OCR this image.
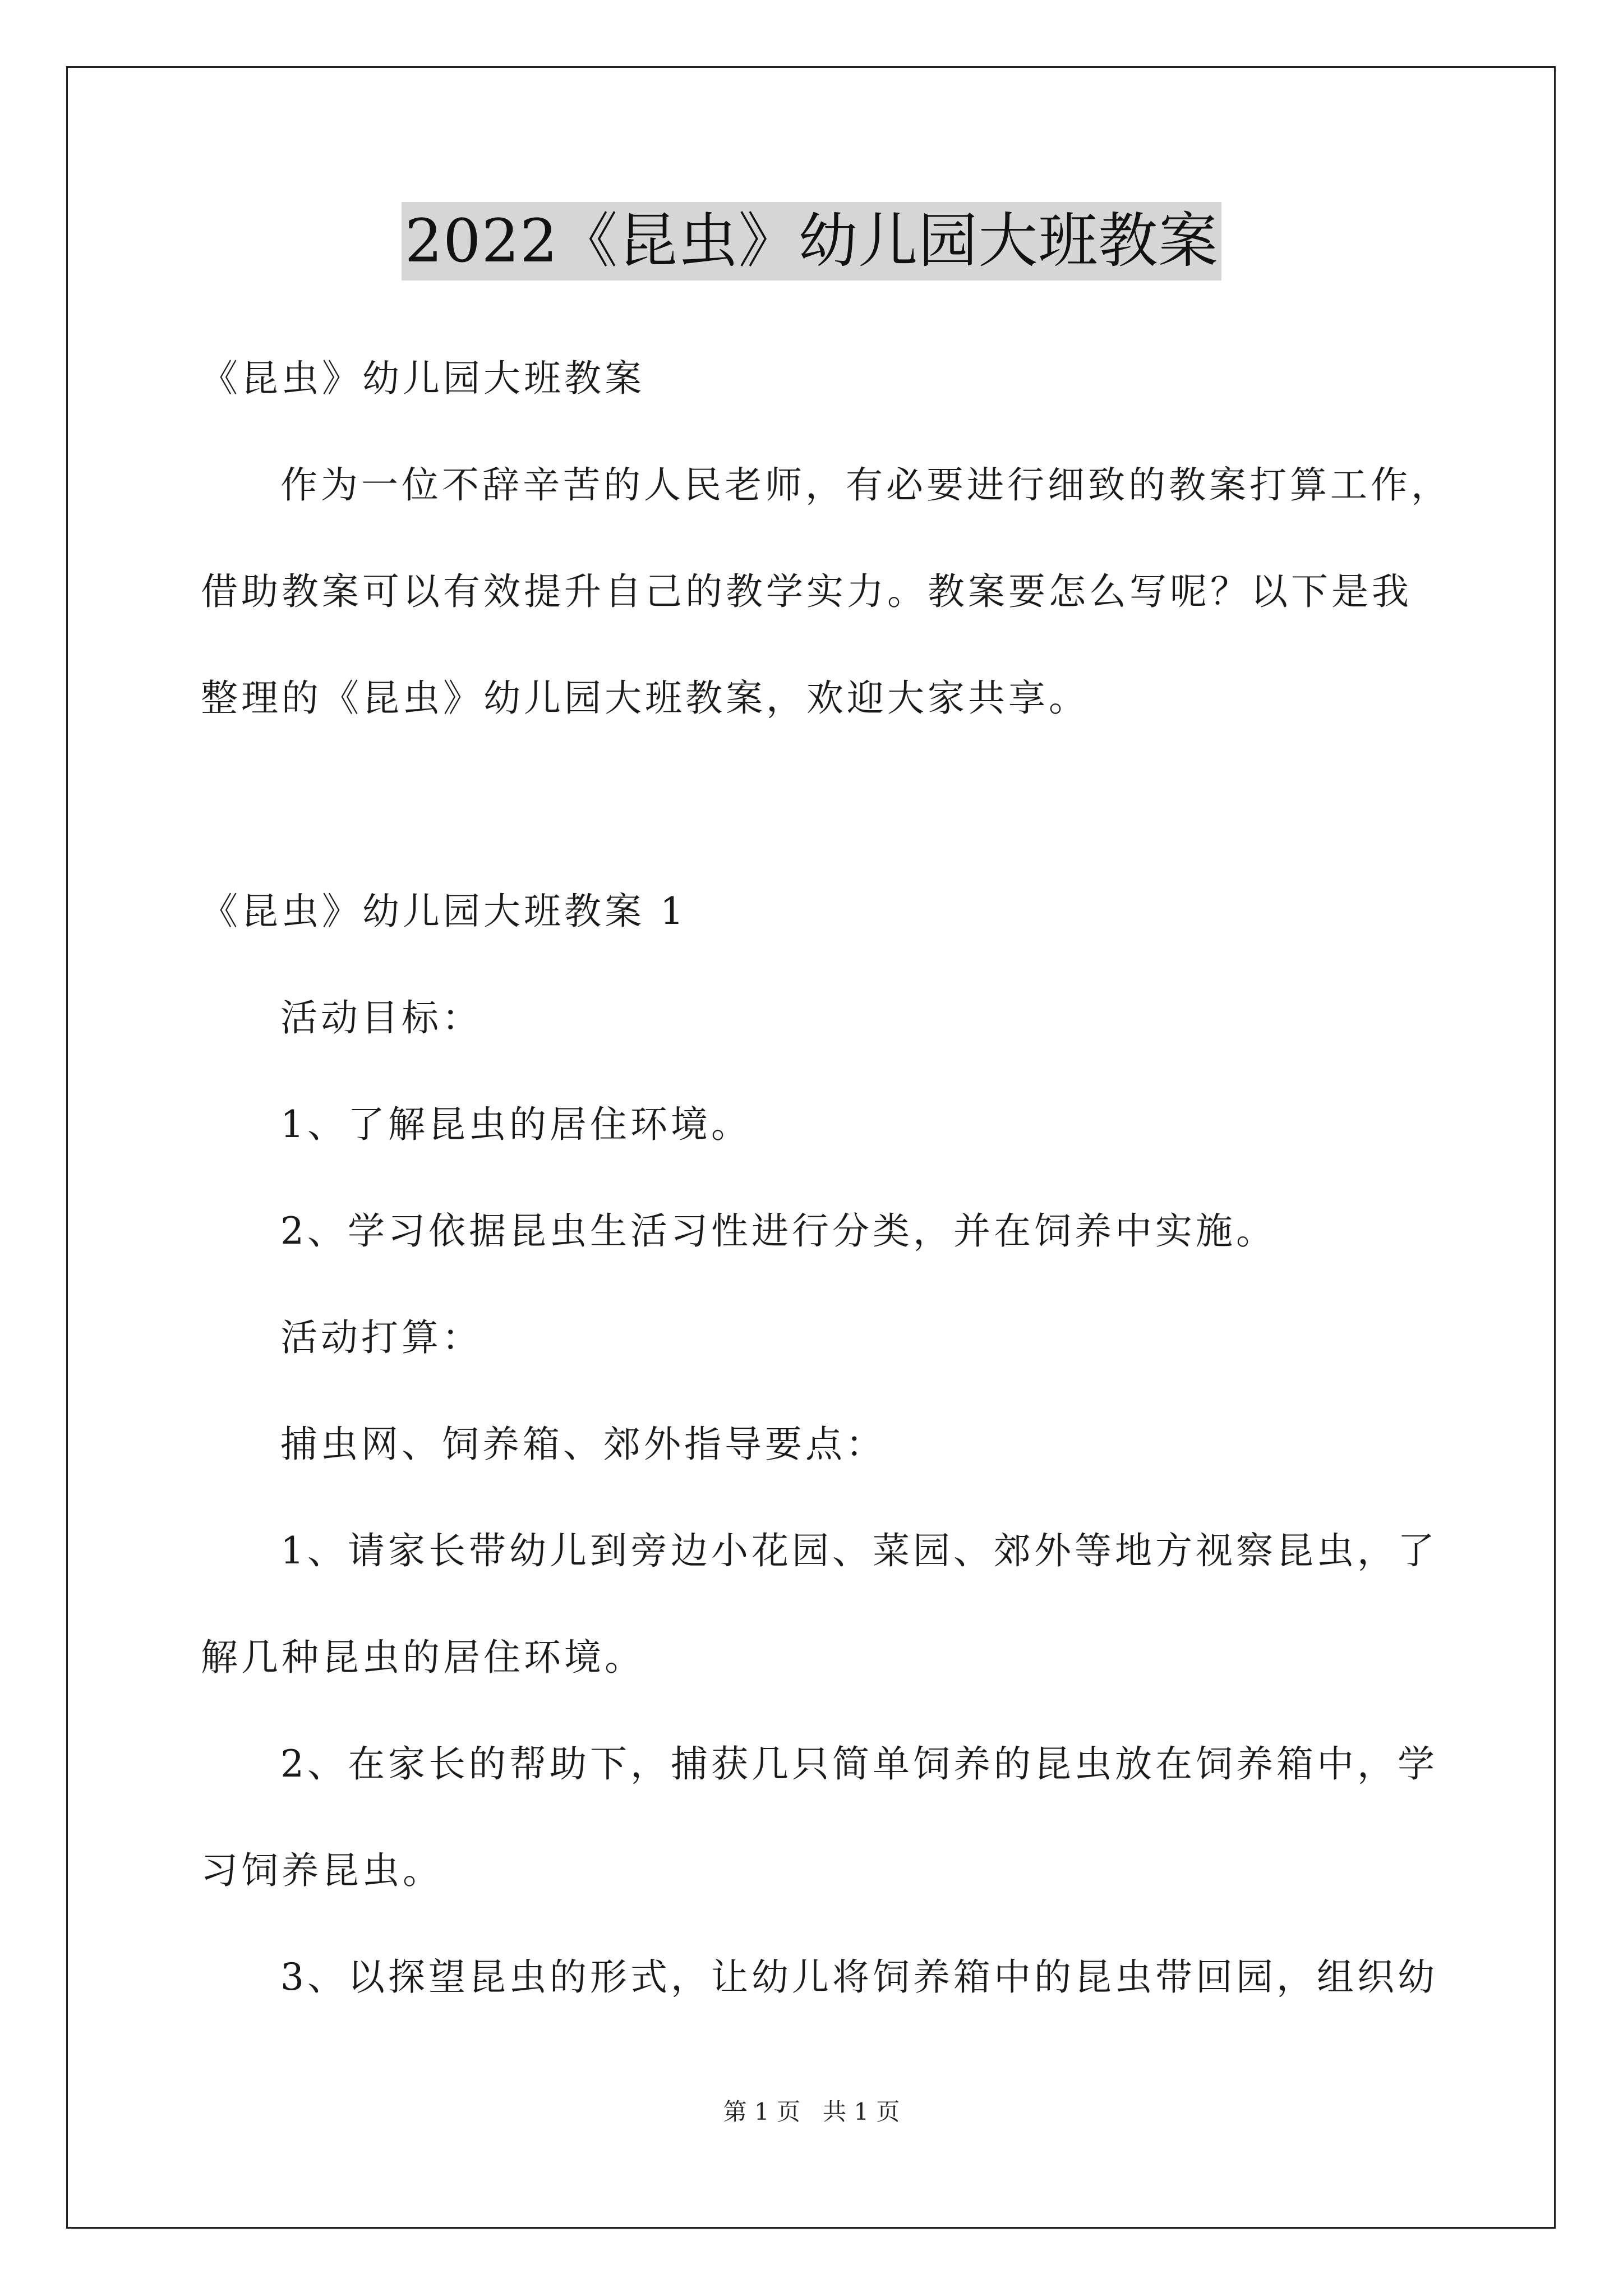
2022《昆虫》幼儿园大班教案
《昆虫》幼儿园大班教案
作为一位不辞辛苦的人民老师，有必要进行细致的教案打算工作，
借助教案可以有效提升自己的教学实力。教案要怎么写呢？以下是我
整理的《昆虫》幼儿园大班教案，欢迎大家共享。
《昆虫》幼儿园大班教案 1
活动目标：
1、了解昆虫的居住环境。
2、学习依据昆虫生活习性进行分类，并在饲养中实施。
活动打算：
捕虫网、饲养箱、郊外指导要点：
1、请家长带幼儿到旁边小花园、菜园、郊外等地方视察昆虫，了
解几种昆虫的居住环境。
2、在家长的帮助下，捕获几只简单饲养的昆虫放在饲养箱中，学
习饲养昆虫。
3、以探望昆虫的形式，让幼儿将饲养箱中的昆虫带回园，组织幼
第 1 页 共 1 页
